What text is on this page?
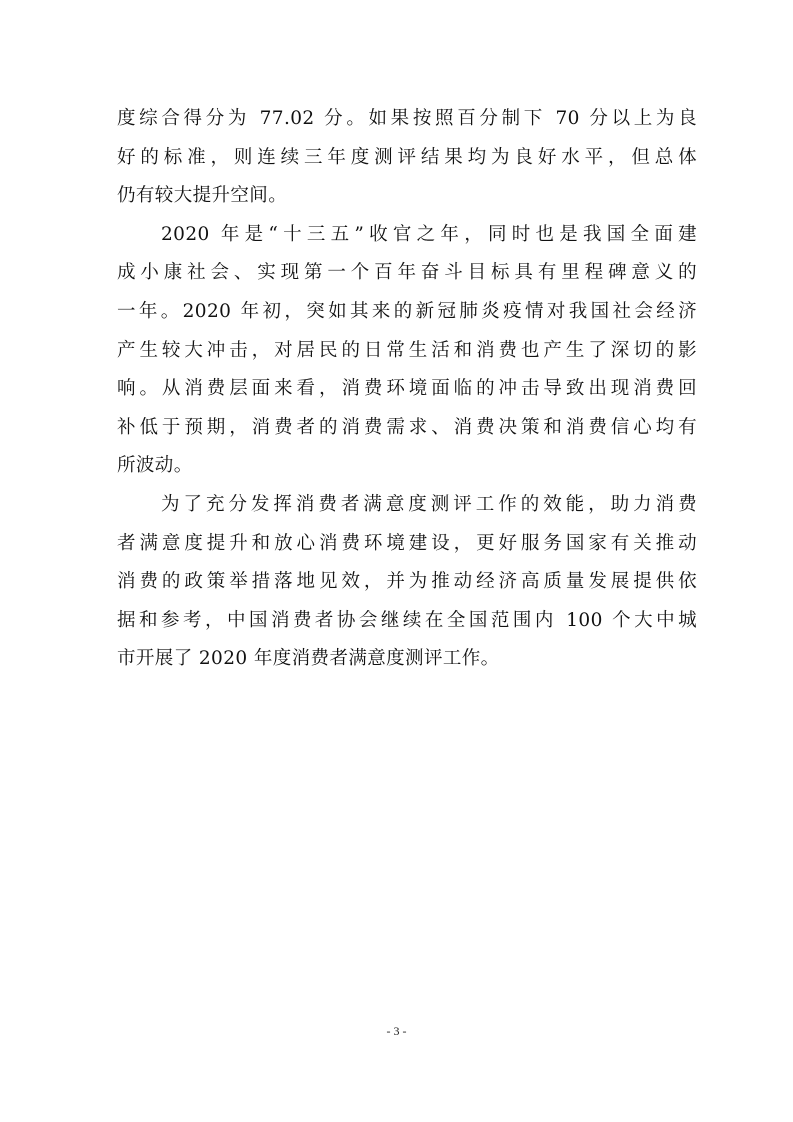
度综合得分为 77.02 分。如果按照百分制下 70 分以上为良
好的标准，则连续三年度测评结果均为良好水平，但总体
仍有较大提升空间。
2020 年是“十三五”收官之年，同时也是我国全面建
成小康社会、实现第一个百年奋斗目标具有里程碑意义的
一年。2020 年初，突如其来的新冠肺炎疫情对我国社会经济
产生较大冲击，对居民的日常生活和消费也产生了深切的影
响。从消费层面来看，消费环境面临的冲击导致出现消费回
补低于预期，消费者的消费需求、消费决策和消费信心均有
所波动。
为了充分发挥消费者满意度测评工作的效能，助力消费
者满意度提升和放心消费环境建设，更好服务国家有关推动
消费的政策举措落地见效，并为推动经济高质量发展提供依
据和参考，中国消费者协会继续在全国范围内 100 个大中城
市开展了 2020 年度消费者满意度测评工作。
- 3 -
